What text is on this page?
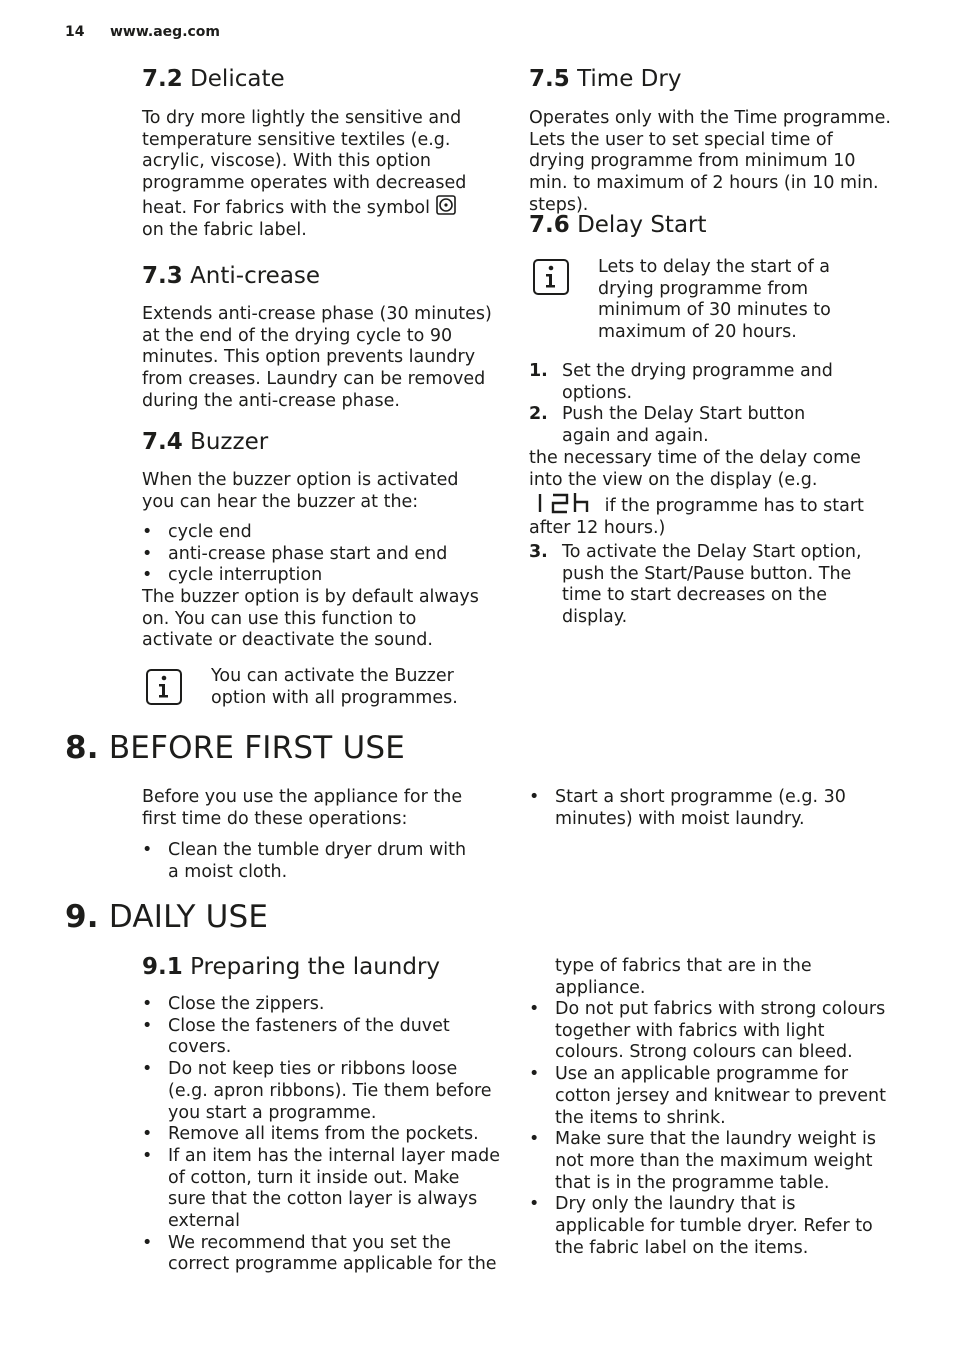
14 www.aeg.com
7.2 Delicate

To dry more lightly the sensitive and temperature sensitive textiles (e.g. acrylic, viscose). With this option programme operates with decreased heat. For fabrics with the symbol  on the fabric label.

7.3 Anti-crease

Extends anti-crease phase (30 minutes) at the end of the drying cycle to 90 minutes. This option prevents laundry from creases. Laundry can be removed during the anti-crease phase.

7.4 Buzzer

When the buzzer option is activated you can hear the buzzer at the:

• cycle end
• anti-crease phase start and end
• cycle interruption

The buzzer option is by default always on. You can use this function to activate or deactivate the sound.

You can activate the Buzzer option with all programmes.

7.5 Time Dry

Operates only with the Time programme. Lets the user to set special time of drying programme from minimum 10 min. to maximum of 2 hours (in 10 min. steps).

7.6 Delay Start

Lets to delay the start of a drying programme from minimum of 30 minutes to maximum of 20 hours.

1. Set the drying programme and options.
2. Push the Delay Start button again and again.

the necessary time of the delay come into the view on the display (e.g. if the programme has to start after 12 hours.)

3. To activate the Delay Start option, push the Start/Pause button. The time to start decreases on the display.
8. BEFORE FIRST USE

Before you use the appliance for the first time do these operations:

• Clean the tumble dryer drum with a moist cloth.
• Start a short programme (e.g. 30 minutes) with moist laundry.
9. DAILY USE
9.1 Preparing the laundry
• Close the zippers.
• Close the fasteners of the duvet covers.
• Do not keep ties or ribbons loose (e.g. apron ribbons). Tie them before you start a programme.
• Remove all items from the pockets.
• If an item has the internal layer made of cotton, turn it inside out. Make sure that the cotton layer is always external
• We recommend that you set the correct programme applicable for the

type of fabrics that are in the appliance.

• Do not put fabrics with strong colours together with fabrics with light colours. Strong colours can bleed.
• Use an applicable programme for cotton jersey and knitwear to prevent the items to shrink.
• Make sure that the laundry weight is not more than the maximum weight that is in the programme table.
• Dry only the laundry that is applicable for tumble dryer. Refer to the fabric label on the items.
